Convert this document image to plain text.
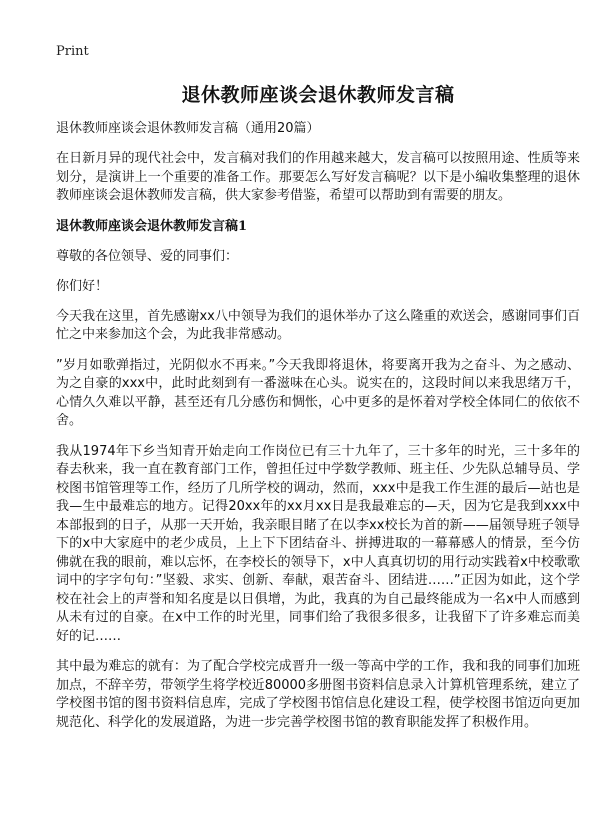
Print
退休教师座谈会退休教师发言稿
退休教师座谈会退休教师发言稿（通用20篇）

在日新月异的现代社会中，发言稿对我们的作用越来越大，发言稿可以按照用途、性质等来划分，是演讲上一个重要的准备工作。那要怎么写好发言稿呢？以下是小编收集整理的退休教师座谈会退休教师发言稿，供大家参考借鉴，希望可以帮助到有需要的朋友。

退休教师座谈会退休教师发言稿1
尊敬的各位领导、爱的同事们：
你们好！

今天我在这里，首先感谢xx八中领导为我们的退休举办了这么隆重的欢送会，感谢同事们百忙之中来参加这个会，为此我非常感动。

”岁月如歌弹指过，光阴似水不再来。”今天我即将退休，将要离开我为之奋斗、为之感动、为之自豪的xxx中，此时此刻到有一番滋味在心头。说实在的，这段时间以来我思绪万千，心情久久难以平静，甚至还有几分感伤和惆怅，心中更多的是怀着对学校全体同仁的依依不舍。

我从1974年下乡当知青开始走向工作岗位已有三十九年了，三十多年的时光，三十多年的春去秋来，我一直在教育部门工作，曾担任过中学数学教师、班主任、少先队总辅导员、学校图书馆管理等工作，经历了几所学校的调动，然而，xxx中是我工作生涯的最后—站也是我—生中最难忘的地方。记得20xx年的xx月xx日是我最难忘的—天，因为它是我到xxx中本部报到的日子，从那一天开始，我亲眼目睹了在以李xx校长为首的新——届领导班子领导下的x中大家庭中的老少成员，上上下下团结奋斗、拼搏进取的一幕幕感人的情景，至今仿佛就在我的眼前，难以忘怀，在李校长的领导下，x中人真真切切的用行动实践着x中校歌歌词中的字字句句：”坚毅、求实、创新、奉献，艰苦奋斗、团结进……”正因为如此，这个学校在社会上的声誉和知名度是以日俱增，为此，我真的为自己最终能成为一名x中人而感到从未有过的自豪。在x中工作的时光里，同事们给了我很多很多，让我留下了许多难忘而美好的记……

其中最为难忘的就有：为了配合学校完成晋升一级一等高中学的工作，我和我的同事们加班加点，不辞辛劳，带领学生将学校近80000多册图书资料信息录入计算机管理系统，建立了学校图书馆的图书资料信息库，完成了学校图书馆信息化建设工程，使学校图书馆迈向更加规范化、科学化的发展道路，为进一步完善学校图书馆的教育职能发挥了积极作用。
